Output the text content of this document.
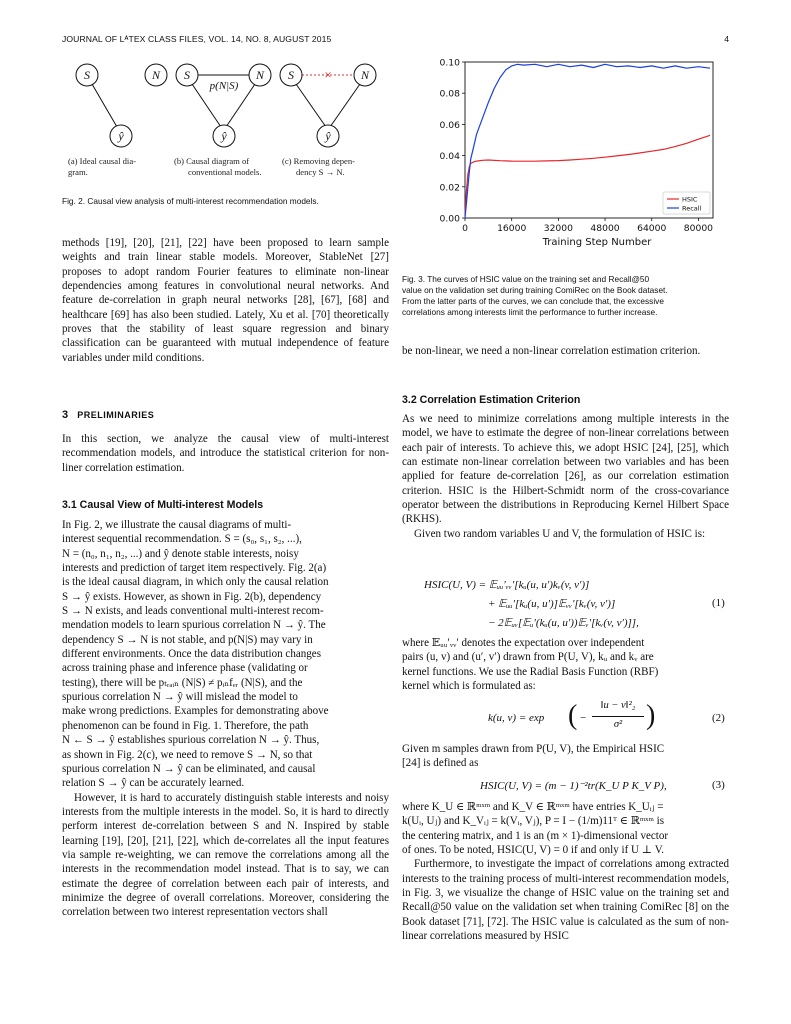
JOURNAL OF LᴬTEX CLASS FILES, VOL. 14, NO. 8, AUGUST 2015	4
S	N
ŷ
S	N
ŷ
p(N|S)
S	N
ŷ
×
(a) Ideal causal dia-
gram.
(b) Causal diagram of
conventional models.
(c) Removing depen-
dency S → N.
Fig. 2. Causal view analysis of multi-interest recommendation models.

methods [19], [20], [21], [22] have been proposed to learn sample weights and train linear stable models. Moreover, StableNet [27] proposes to adopt random Fourier features to eliminate non-linear dependencies among features in convolutional neural networks. And feature de-correlation in graph neural networks [28], [67], [68] and healthcare [69] has also been studied. Lately, Xu et al. [70] theoretically proves that the stability of least square regression and binary classification can be guaranteed with mutual independence of feature variables under mild conditions.

3 PRELIMINARIES

In this section, we analyze the causal view of multi-interest recommendation models, and introduce the statistical criterion for non-liner correlation estimation.

3.1 Causal View of Multi-interest Models
In Fig. 2, we illustrate the causal diagrams of multi-
interest sequential recommendation. S = (s₀, s₁, s₂, ...),
N = (n₀, n₁, n₂, ...) and ŷ denote stable interests, noisy
interests and prediction of target item respectively. Fig. 2(a)
is the ideal causal diagram, in which only the causal relation
S → ŷ exists. However, as shown in Fig. 2(b), dependency
S → N exists, and leads conventional multi-interest recom-
mendation models to learn spurious correlation N → ŷ. The
dependency S → N is not stable, and p(N|S) may vary in
different environments. Once the data distribution changes
across training phase and inference phase (validating or
testing), there will be pₜᵣₐᵢₙ (N|S) ≠ pᵢₙfₑᵣ (N|S), and the
spurious correlation N → ŷ will mislead the model to
make wrong predictions. Examples for demonstrating above
phenomenon can be found in Fig. 1. Therefore, the path
N ← S → ŷ establishes spurious correlation N → ŷ. Thus,
as shown in Fig. 2(c), we need to remove S → N, so that
spurious correlation N → ŷ can be eliminated, and causal
relation S → ŷ can be accurately learned.

However, it is hard to accurately distinguish stable interests and noisy interests from the multiple interests in the model. So, it is hard to directly perform interest de-correlation between S and N. Inspired by stable learning [19], [20], [21], [22], which de-correlates all the input features via sample re-weighting, we can remove the correlations among all the interests in the recommendation model instead. That is to say, we can estimate the degree of correlation between each pair of interests, and minimize the degree of overall correlations. Moreover, considering the correlation between two interest representation vectors shall

0.00
0.02
0.04
0.06
0.08
0.10
0	16000 32000 48000 64000 80000
Training Step Number
HSIC
Recall
Fig. 3. The curves of HSIC value on the training set and Recall@50
value on the validation set during training ComiRec on the Book dataset.
From the latter parts of the curves, we can conclude that, the excessive
correlations among interests limit the performance to further increase.

be non-linear, we need a non-linear correlation estimation criterion.

3.2 Correlation Estimation Criterion

As we need to minimize correlations among multiple interests in the model, we have to estimate the degree of non-linear correlations between each pair of interests. To achieve this, we adopt HSIC [24], [25], which can estimate non-linear correlation between two variables and has been applied for feature de-correlation [26], as our correlation estimation criterion. HSIC is the Hilbert-Schmidt norm of the cross-covariance operator between the distributions in Reproducing Kernel Hilbert Space (RKHS).

Given two random variables U and V, the formulation of HSIC is:

HSIC(U, V) = 𝔼ᵤᵤ′ᵥᵥ′[kᵤ(u, u′)kᵥ(v, v′)]
+ 𝔼ᵤᵤ′[kᵤ(u, u′)]𝔼ᵥᵥ′[kᵥ(v, v′)]
− 2𝔼ᵤᵥ[𝔼ᵤ′(kᵤ(u, u′))𝔼ᵥ′[kᵥ(v, v′)]],
(1)
where 𝔼ᵤᵤ′ᵥᵥ′ denotes the expectation over independent
pairs (u, v) and (u′, v′) drawn from P(U, V), kᵤ and kᵥ are
kernel functions. We use the Radial Basis Function (RBF)
kernel which is formulated as:
k(u, v) = exp ( −
‖u − v‖²₂
σ² )	(2)
Given m samples drawn from P(U, V), the Empirical HSIC
[24] is defined as
HSIC(U, V) = (m − 1)⁻²tr(K_U P K_V P),	(3)
where K_U ∈ ℝᵐˣᵐ and K_V ∈ ℝᵐˣᵐ have entries K_Uᵢⱼ =
k(Uᵢ, Uⱼ) and K_Vᵢⱼ = k(Vᵢ, Vⱼ), P = I − (1/m)11ᵀ ∈ ℝᵐˣᵐ is
the centering matrix, and 1 is an (m × 1)-dimensional vector
of ones. To be noted, HSIC(U, V) = 0 if and only if U ⊥ V.

Furthermore, to investigate the impact of correlations among extracted interests to the training process of multi-interest recommendation models, in Fig. 3, we visualize the change of HSIC value on the training set and Recall@50 value on the validation set when training ComiRec [8] on the Book dataset [71], [72]. The HSIC value is calculated as the sum of non-linear correlations measured by HSIC
